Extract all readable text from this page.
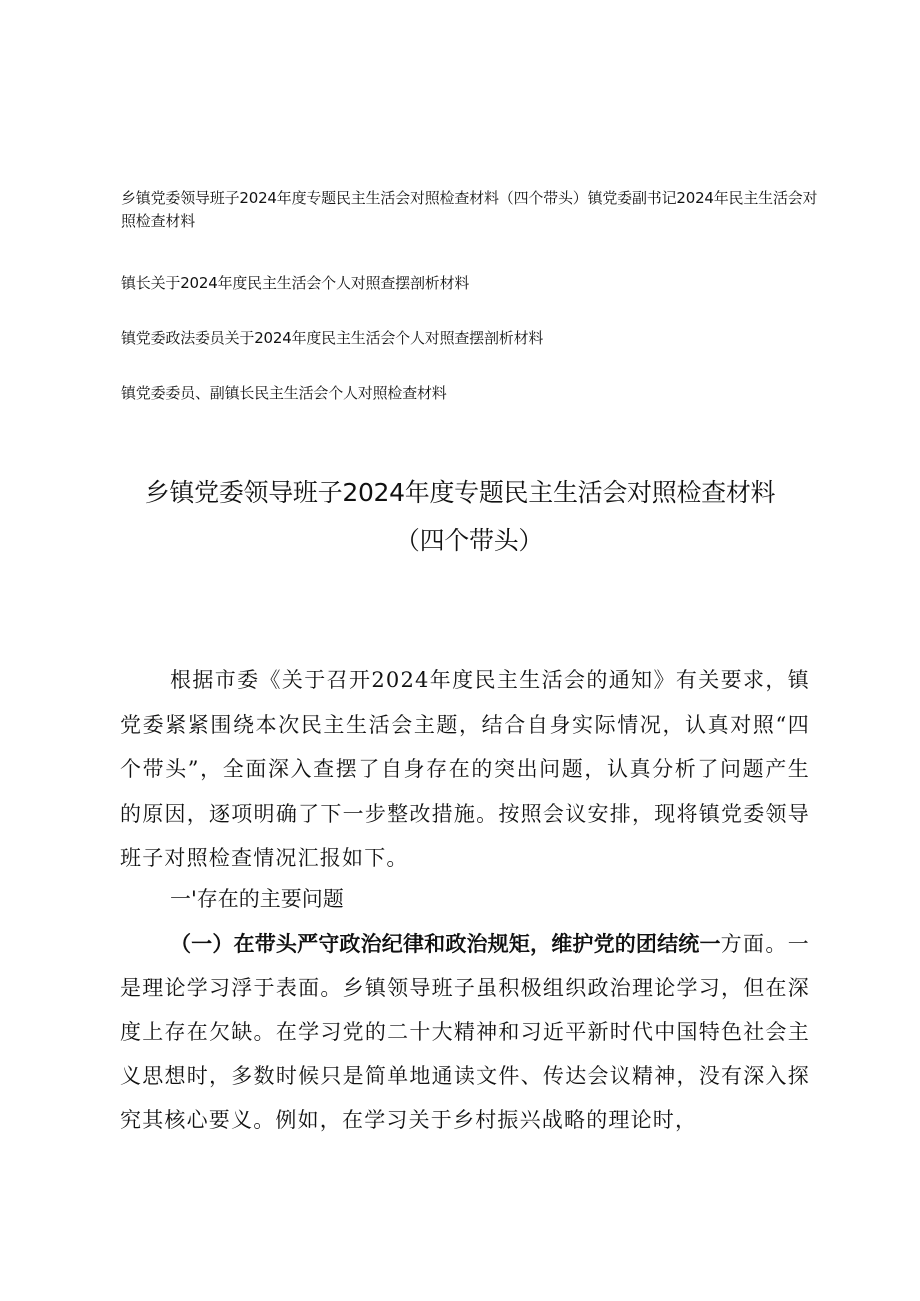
乡镇党委领导班子2024年度专题民主生活会对照检查材料（四个带头）镇党委副书记2024年民主生活会对照检查材料

镇长关于2024年度民主生活会个人对照查摆剖析材料

镇党委政法委员关于2024年度民主生活会个人对照查摆剖析材料

镇党委委员、副镇长民主生活会个人对照检查材料

乡镇党委领导班子2024年度专题民主生活会对照检查材料
（四个带头）

根据市委《关于召开2024年度民主生活会的通知》有关要求，镇党委紧紧围绕本次民主生活会主题，结合自身实际情况，认真对照“四个带头”，全面深入查摆了自身存在的突出问题，认真分析了问题产生的原因，逐项明确了下一步整改措施。按照会议安排，现将镇党委领导班子对照检查情况汇报如下。

一'存在的主要问题

（一）在带头严守政治纪律和政治规矩，维护党的团结统一方面。一是理论学习浮于表面。乡镇领导班子虽积极组织政治理论学习，但在深度上存在欠缺。在学习党的二十大精神和习近平新时代中国特色社会主义思想时，多数时候只是简单地通读文件、传达会议精神，没有深入探究其核心要义。例如，在学习关于乡村振兴战略的理论时，
